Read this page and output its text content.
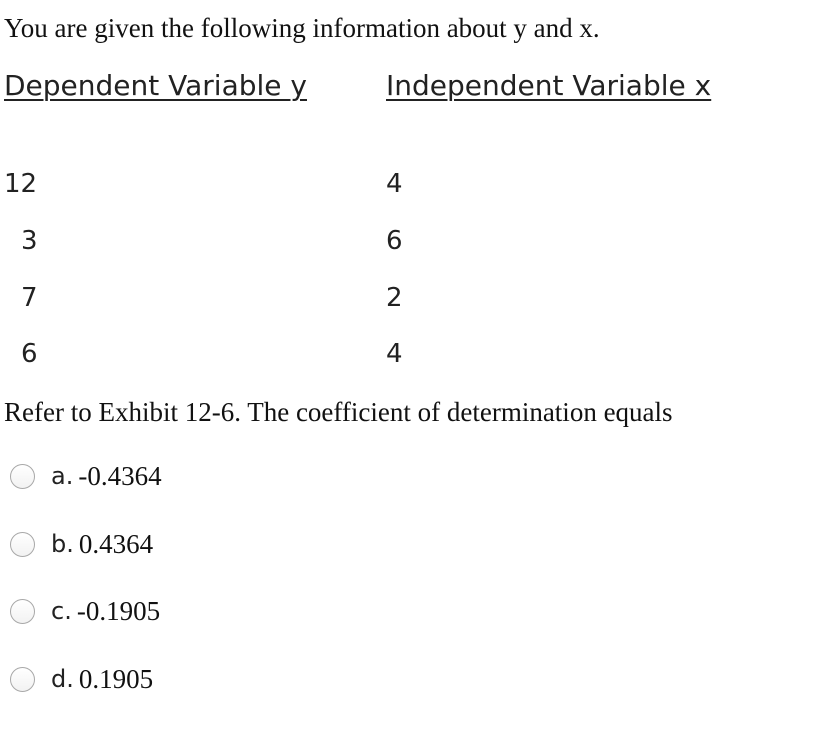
You are given the following information about y and x.
Dependent Variable y	Independent Variable x
12	4
3	6
7	2
6	4
Refer to Exhibit 12-6. The coefficient of determination equals
a. -0.4364
b. 0.4364
c. -0.1905
d. 0.1905
